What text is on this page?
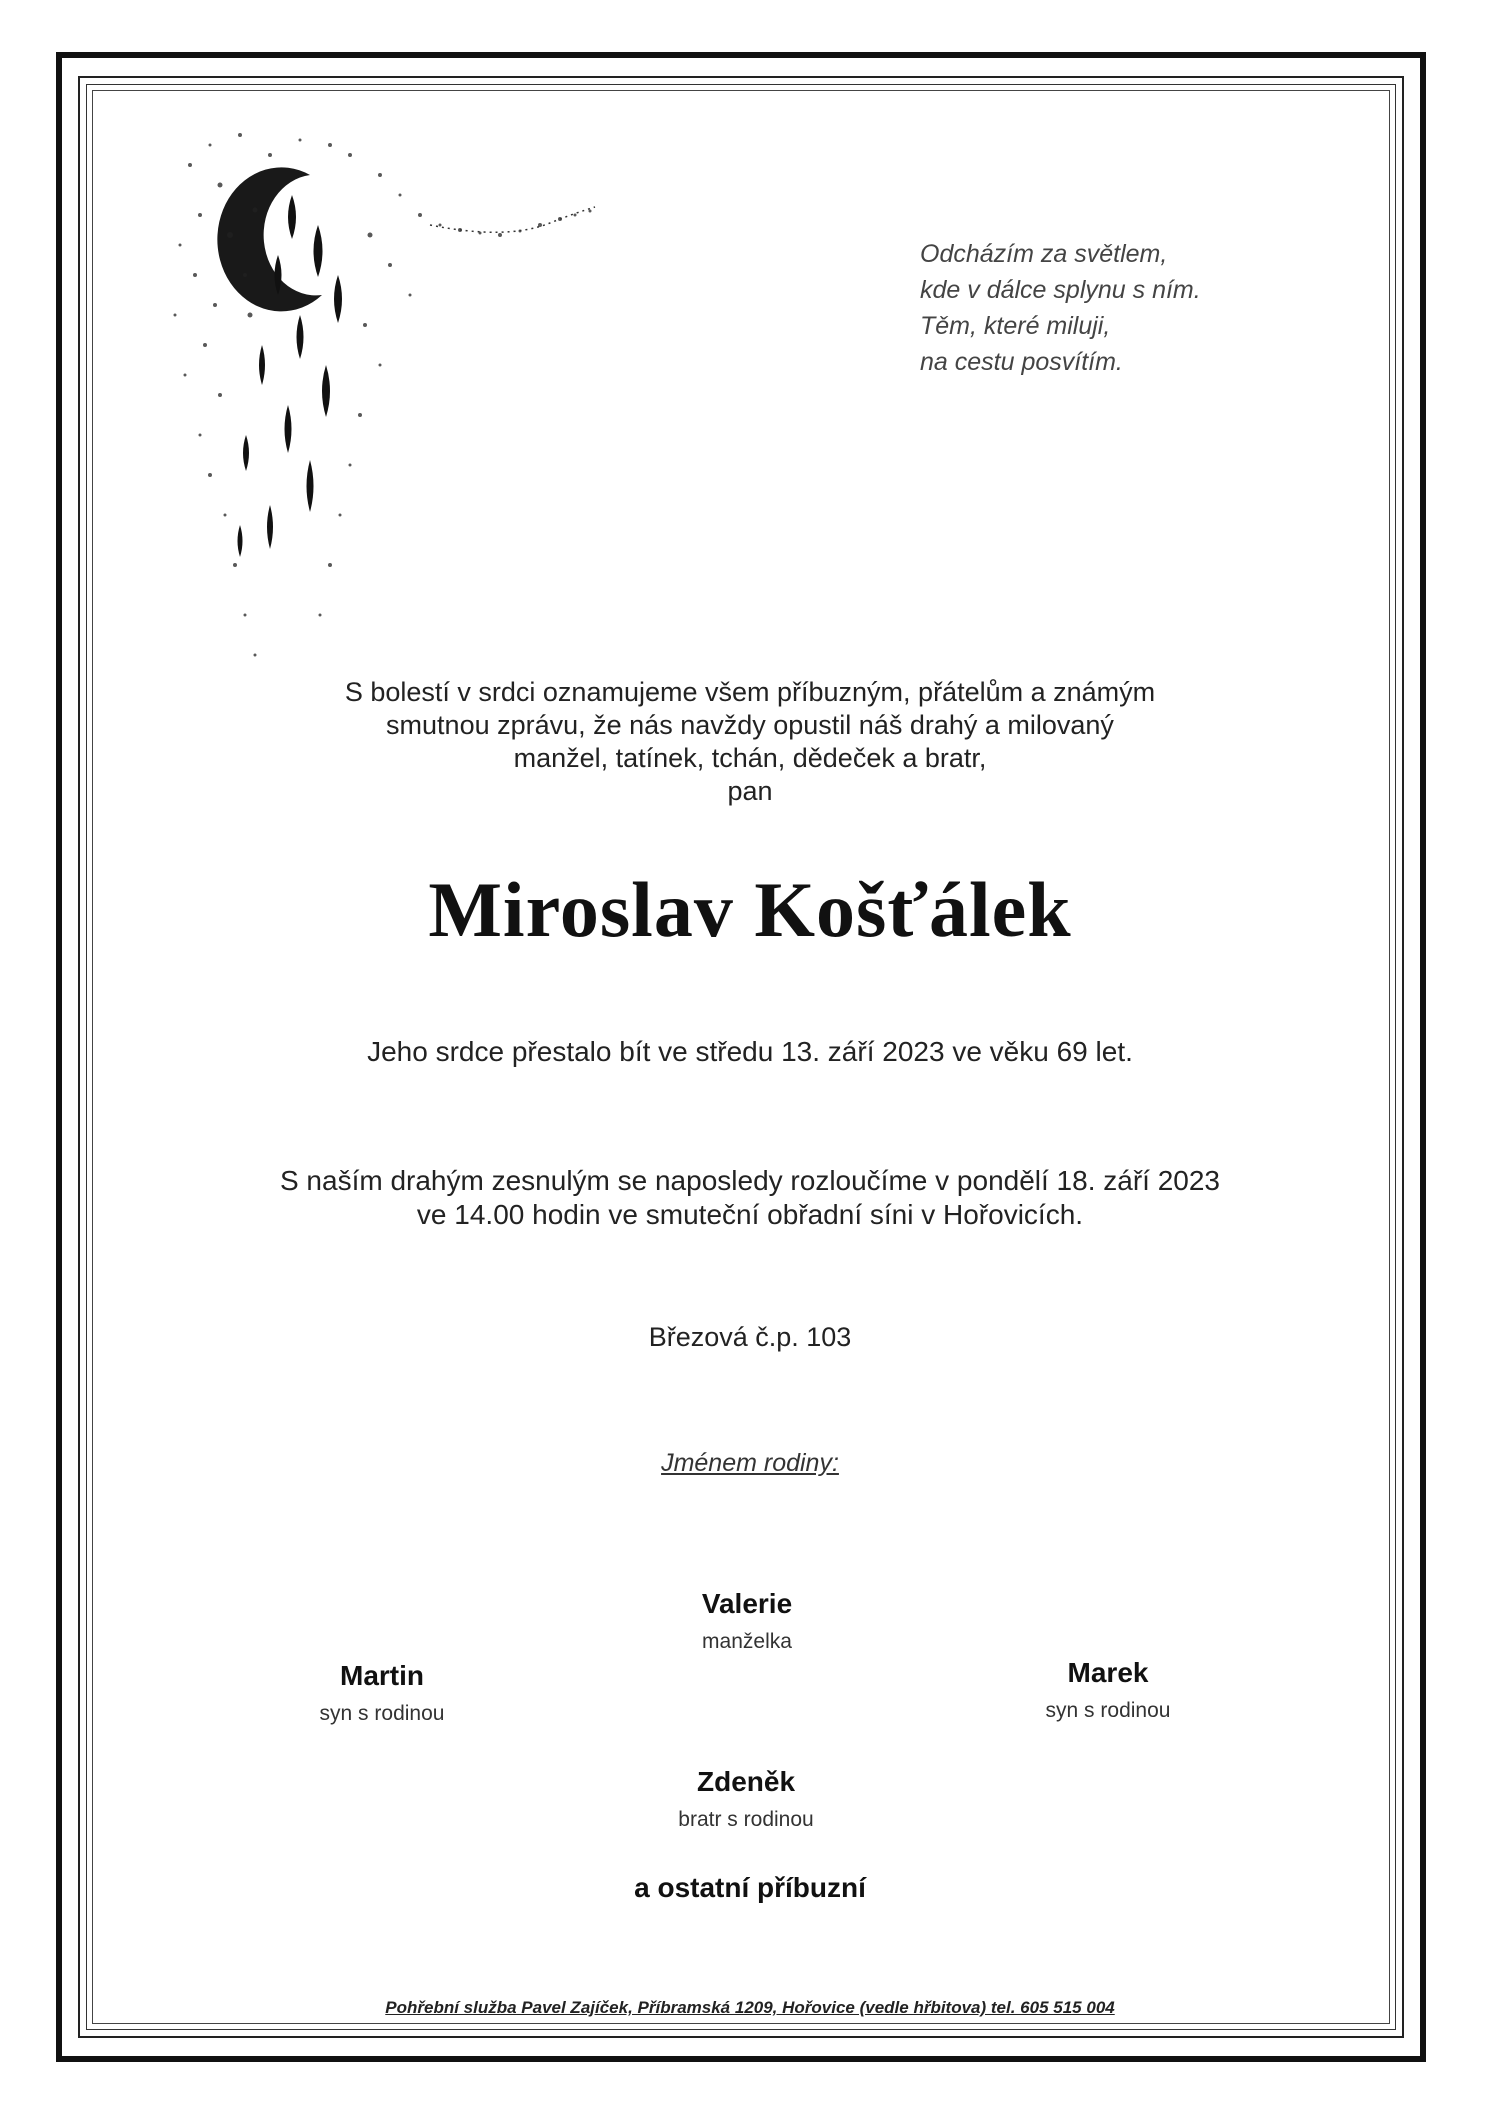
Odcházím za světlem,
kde v dálce splynu s ním.
Těm, které miluji,
na cestu posvítím.
S bolestí v srdci oznamujeme všem příbuzným, přátelům a známým
smutnou zprávu, že nás navždy opustil náš drahý a milovaný
manžel, tatínek, tchán, dědeček a bratr,
pan
Miroslav Košťálek
Jeho srdce přestalo bít ve středu 13. září 2023 ve věku 69 let.
S naším drahým zesnulým se naposledy rozloučíme v pondělí 18. září 2023
ve 14.00 hodin ve smuteční obřadní síni v Hořovicích.
Březová č.p. 103
Jménem rodiny:
Valerie
manželka
Martin
syn s rodinou
Marek
syn s rodinou
Zdeněk
bratr s rodinou
a ostatní příbuzní
Pohřební služba Pavel Zajíček, Příbramská 1209, Hořovice (vedle hřbitova) tel. 605 515 004
